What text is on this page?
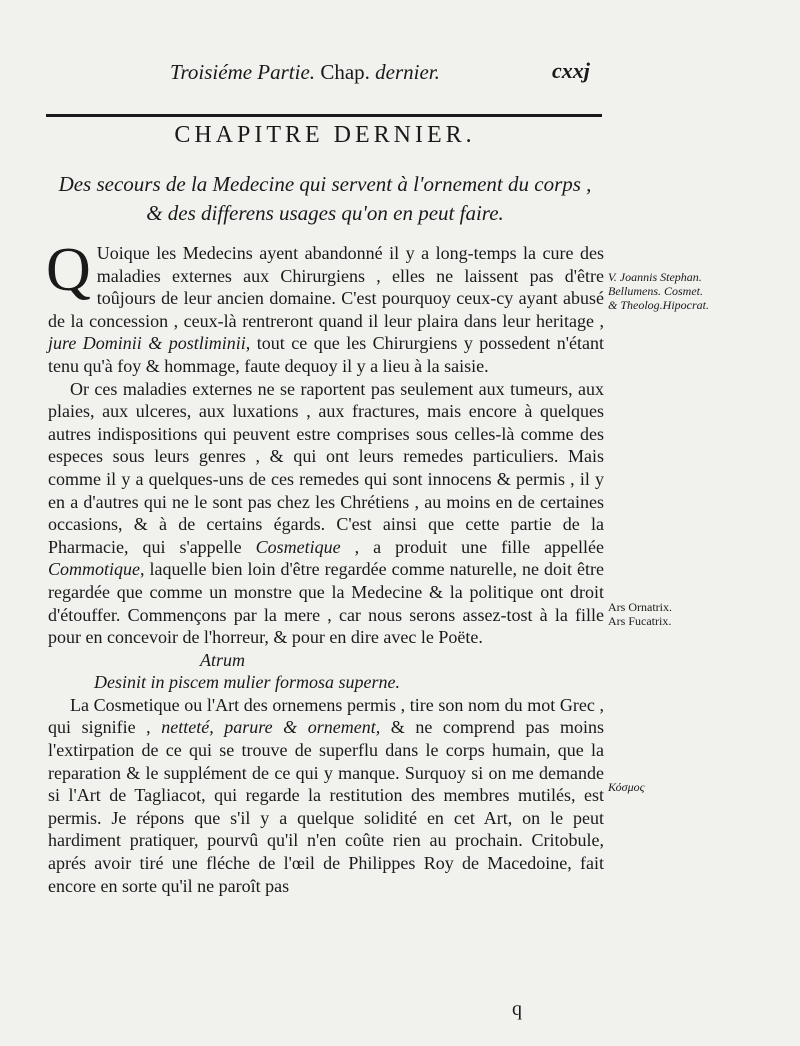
Troisiéme Partie. Chap. dernier.	cxxj
CHAPITRE DERNIER.
Des secours de la Medecine qui servent à l'ornement du corps ,
& des differens usages qu'on en peut faire.

Q Uoique les Medecins ayent abandonné il y a long-temps la cure des maladies externes aux Chirurgiens , elles ne laissent pas d'être toûjours de leur ancien domaine. C'est pourquoy ceux-cy ayant abusé de la concession , ceux-là rentreront quand il leur plaira dans leur heritage , jure Dominii & postliminii, tout ce que les Chirurgiens y possedent n'étant tenu qu'à foy & hommage, faute dequoy il y a lieu à la saisie.

Or ces maladies externes ne se raportent pas seulement aux tumeurs, aux plaies, aux ulceres, aux luxations , aux fractures, mais encore à quelques autres indispositions qui peuvent estre comprises sous celles-là comme des especes sous leurs genres , & qui ont leurs remedes particuliers. Mais comme il y a quelques-uns de ces remedes qui sont innocens & permis , il y en a d'autres qui ne le sont pas chez les Chrétiens , au moins en de certaines occasions, & à de certains égards. C'est ainsi que cette partie de la Pharmacie, qui s'appelle Cosmetique , a produit une fille appellée Commotique, laquelle bien loin d'être regardée comme naturelle, ne doit être regardée que comme un monstre que la Medecine & la politique ont droit d'étouffer. Commençons par la mere , car nous serons assez-tost à la fille pour en concevoir de l'horreur, & pour en dire avec le Poëte.

Atrum

Desinit in piscem mulier formosa superne.

La Cosmetique ou l'Art des ornemens permis , tire son nom du mot Grec , qui signifie , netteté, parure & ornement, & ne comprend pas moins l'extirpation de ce qui se trouve de superflu dans le corps humain, que la reparation & le supplément de ce qui y manque. Surquoy si on me demande si l'Art de Tagliacot, qui regarde la restitution des membres mutilés, est permis. Je répons que s'il y a quelque solidité en cet Art, on le peut hardiment pratiquer, pourvû qu'il n'en coûte rien au prochain. Critobule, aprés avoir tiré une fléche de l'œil de Philippes Roy de Macedoine, fait encore en sorte qu'il ne paroît pas

V. Joannis Stephan.
Bellumens. Cosmet.
& Theolog.Hipocrat.
Ars Ornatrix.
Ars Fucatrix.
Κόσμος
q
